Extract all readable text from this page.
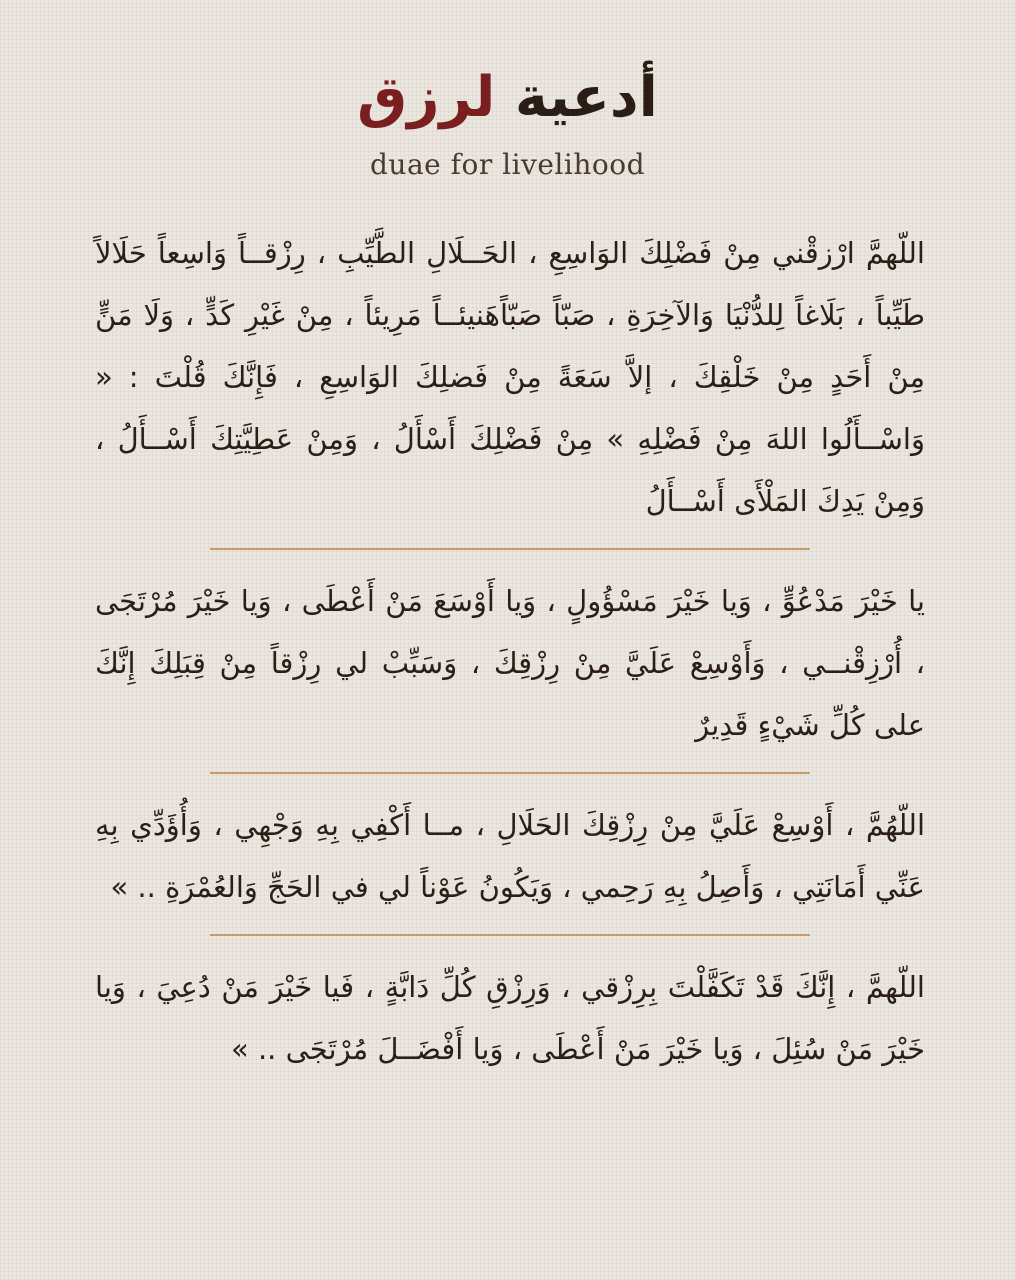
أدعية لرزق
duae for livelihood

اللّهمَّ ارْزقْني مِنْ فَضْلِكَ الوَاسِعِ ، الحَــلَالِ الطَّيِّبِ ، رِزْقــاً وَاسِعاً حَلَالاً طَيِّباً ، بَلَاغاً لِلدُّنْيَا وَالآخِرَةِ ، صَبّاً صَبّاًهَنيئــاً مَرِيئاً ، مِنْ غَيْرِ كَدٍّ ، وَلَا مَنٍّ مِنْ أَحَدٍ مِنْ خَلْقِكَ ، إلاَّ سَعَةً مِنْ فَضلِكَ الوَاسِعِ ، فَإِنَّكَ قُلْتَ : « وَاسْــأَلُوا اللهَ مِنْ فَضْلِهِ » مِنْ فَضْلِكَ أَسْأَلُ ، وَمِنْ عَطِيَّتِكَ أَسْــأَلُ ، وَمِنْ يَدِكَ المَلْأَى أَسْــأَلُ

يا خَيْرَ مَدْعُوٍّ ، وَيا خَيْرَ مَسْؤُولٍ ، وَيا أَوْسَعَ مَنْ أَعْطَى ، وَيا خَيْرَ مُرْتَجَى ، أُرْزِقْنــي ، وَأَوْسِعْ عَلَيَّ مِنْ رِزْقِكَ ، وَسَبِّبْ لي رِزْقاً مِنْ قِبَلِكَ إِنَّكَ على كُلِّ شَيْءٍ قَدِيرٌ

اللّهُمَّ ، أَوْسِعْ عَلَيَّ مِنْ رِزْقِكَ الحَلَالِ ، مــا أَكْفِي بِهِ وَجْهِي ، وَأُؤَدِّي بِهِ عَنِّي أَمَانَتِي ، وَأَصِلُ بِهِ رَحِمي ، وَيَكُونُ عَوْناً لي في الحَجِّ وَالعُمْرَةِ .. »

اللّهمَّ ، إِنَّكَ قَدْ تَكَفَّلْتَ بِرِزْقي ، وَرِزْقِ كُلِّ دَابَّةٍ ، فَيا خَيْرَ مَنْ دُعِيَ ، وَيا خَيْرَ مَنْ سُئِلَ ، وَيا خَيْرَ مَنْ أَعْطَى ، وَيا أَفْضَــلَ مُرْتَجَى .. »
